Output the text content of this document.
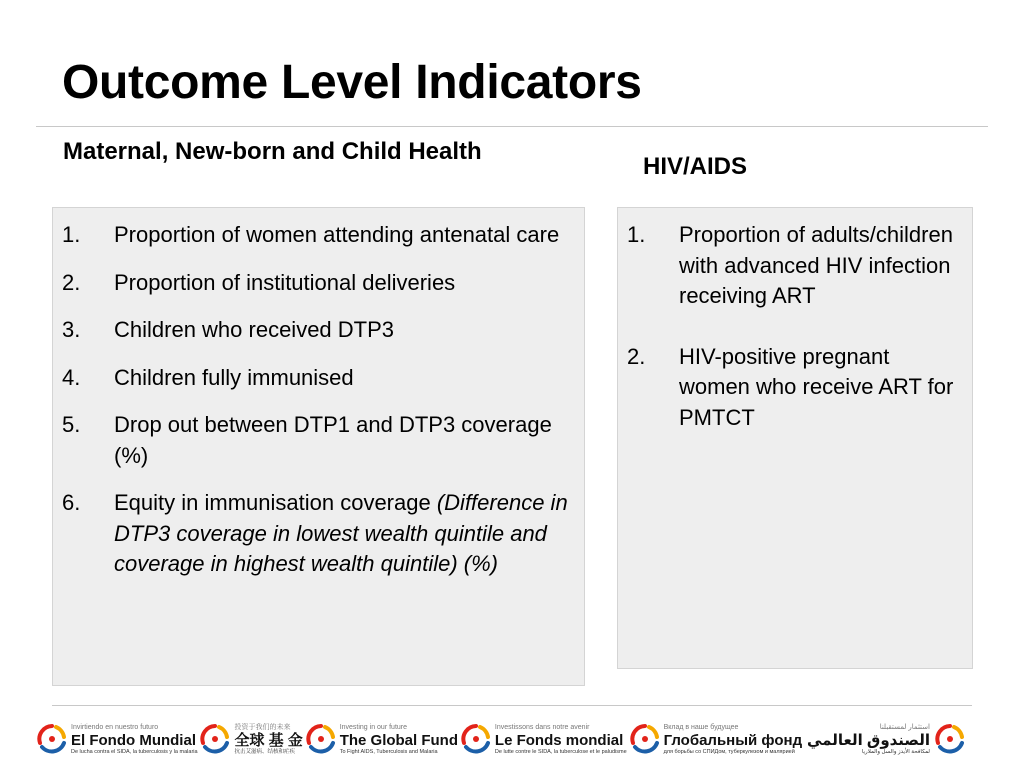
Outcome Level Indicators
Maternal, New-born and Child Health
HIV/AIDS
1.	Proportion of women attending antenatal care
2.	Proportion of institutional deliveries
3.	Children who received DTP3
4.	Children fully immunised
5.	Drop out between DTP1 and DTP3 coverage (%)
6.	Equity in immunisation coverage (Difference in DTP3 coverage in lowest wealth quintile and coverage in highest wealth quintile) (%)
1.	Proportion of adults/children with advanced HIV infection receiving ART
2.	HIV-positive pregnant women who receive ART for PMTCT
Invirtiendo en nuestro futuro
El Fondo Mundial
De lucha contra el SIDA, la tuberculosis y la malaria
投资于我们的未来
全球 基 金
抗击艾滋病、结核和疟疾
Investing in our future
The Global Fund
To Fight AIDS, Tuberculosis and Malaria
Investissons dans notre avenir
Le Fonds mondial
De lutte contre le SIDA, la tuberculose et le paludisme
Вклад в наше будущее
Глобальный фонд
для борьбы со СПИДом, туберкулезом и малярией
استثمار لمستقبلنا
الصندوق العالمي
لمكافحة الأيدز والسل والملاريا
